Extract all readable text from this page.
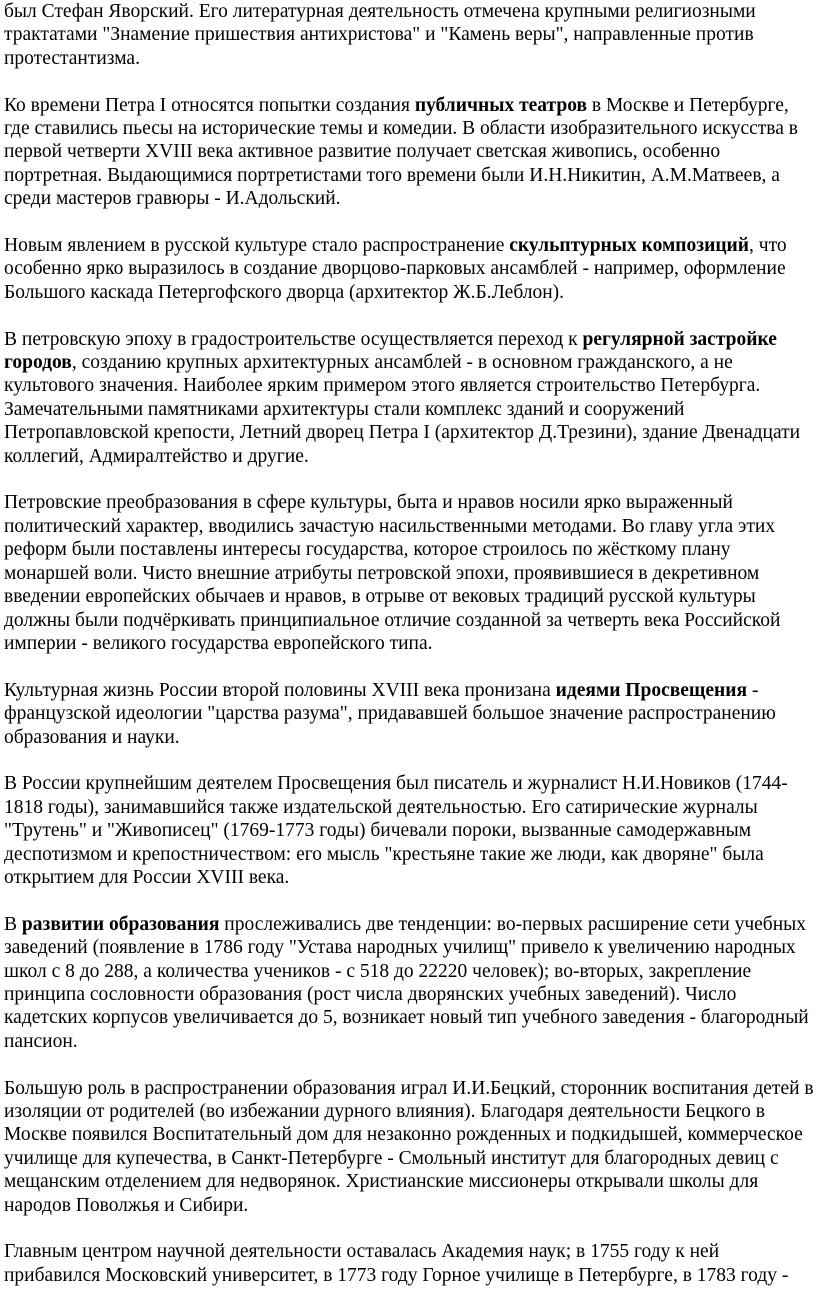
был Стефан Яворский. Его литературная деятельность отмечена крупными религиозными трактатами "Знамение пришествия антихристова" и "Камень веры", направленные против протестантизма.

Ко времени Петра I относятся попытки создания публичных театров в Москве и Петербурге, где ставились пьесы на исторические темы и комедии. В области изобразительного искусства в первой четверти XVIII века активное развитие получает светская живопись, особенно портретная. Выдающимися портретистами того времени были И.Н.Никитин, А.М.Матвеев, а среди мастеров гравюры - И.Адольский.

Новым явлением в русской культуре стало распространение скульптурных композиций, что особенно ярко выразилось в создание дворцово-парковых ансамблей - например, оформление Большого каскада Петергофского дворца (архитектор Ж.Б.Леблон).

В петровскую эпоху в градостроительстве осуществляется переход к регулярной застройке городов, созданию крупных архитектурных ансамблей - в основном гражданского, а не культового значения. Наиболее ярким примером этого является строительство Петербурга. Замечательными памятниками архитектуры стали комплекс зданий и сооружений Петропавловской крепости, Летний дворец Петра I (архитектор Д.Трезини), здание Двенадцати коллегий, Адмиралтейство и другие.

Петровские преобразования в сфере культуры, быта и нравов носили ярко выраженный политический характер, вводились зачастую насильственными методами. Во главу угла этих реформ были поставлены интересы государства, которое строилось по жёсткому плану монаршей воли. Чисто внешние атрибуты петровской эпохи, проявившиеся в декретивном введении европейских обычаев и нравов, в отрыве от вековых традиций русской культуры должны были подчёркивать принципиальное отличие созданной за четверть века Российской империи - великого государства европейского типа.

Культурная жизнь России второй половины XVIII века пронизана идеями Просвещения - французской идеологии "царства разума", придававшей большое значение распространению образования и науки.

В России крупнейшим деятелем Просвещения был писатель и журналист Н.И.Новиков (1744-1818 годы), занимавшийся также издательской деятельностью. Его сатирические журналы "Трутень" и "Живописец" (1769-1773 годы) бичевали пороки, вызванные самодержавным деспотизмом и крепостничеством: его мысль "крестьяне такие же люди, как дворяне" была открытием для России XVIII века.

В развитии образования прослеживались две тенденции: во-первых расширение сети учебных заведений (появление в 1786 году "Устава народных училищ" привело к увеличению народных школ с 8 до 288, а количества учеников - с 518 до 22220 человек); во-вторых, закрепление принципа сословности образования (рост числа дворянских учебных заведений). Число кадетских корпусов увеличивается до 5, возникает новый тип учебного заведения - благородный пансион.

Большую роль в распространении образования играл И.И.Бецкий, сторонник воспитания детей в изоляции от родителей (во избежании дурного влияния). Благодаря деятельности Бецкого в Москве появился Воспитательный дом для незаконно рожденных и подкидышей, коммерческое училище для купечества, в Санкт-Петербурге - Смольный институт для благородных девиц с мещанским отделением для недворянок. Христианские миссионеры открывали школы для народов Поволжья и Сибири.

Главным центром научной деятельности оставалась Академия наук; в 1755 году к ней прибавился Московский университет, в 1773 году Горное училище в Петербурге, в 1783 году -
